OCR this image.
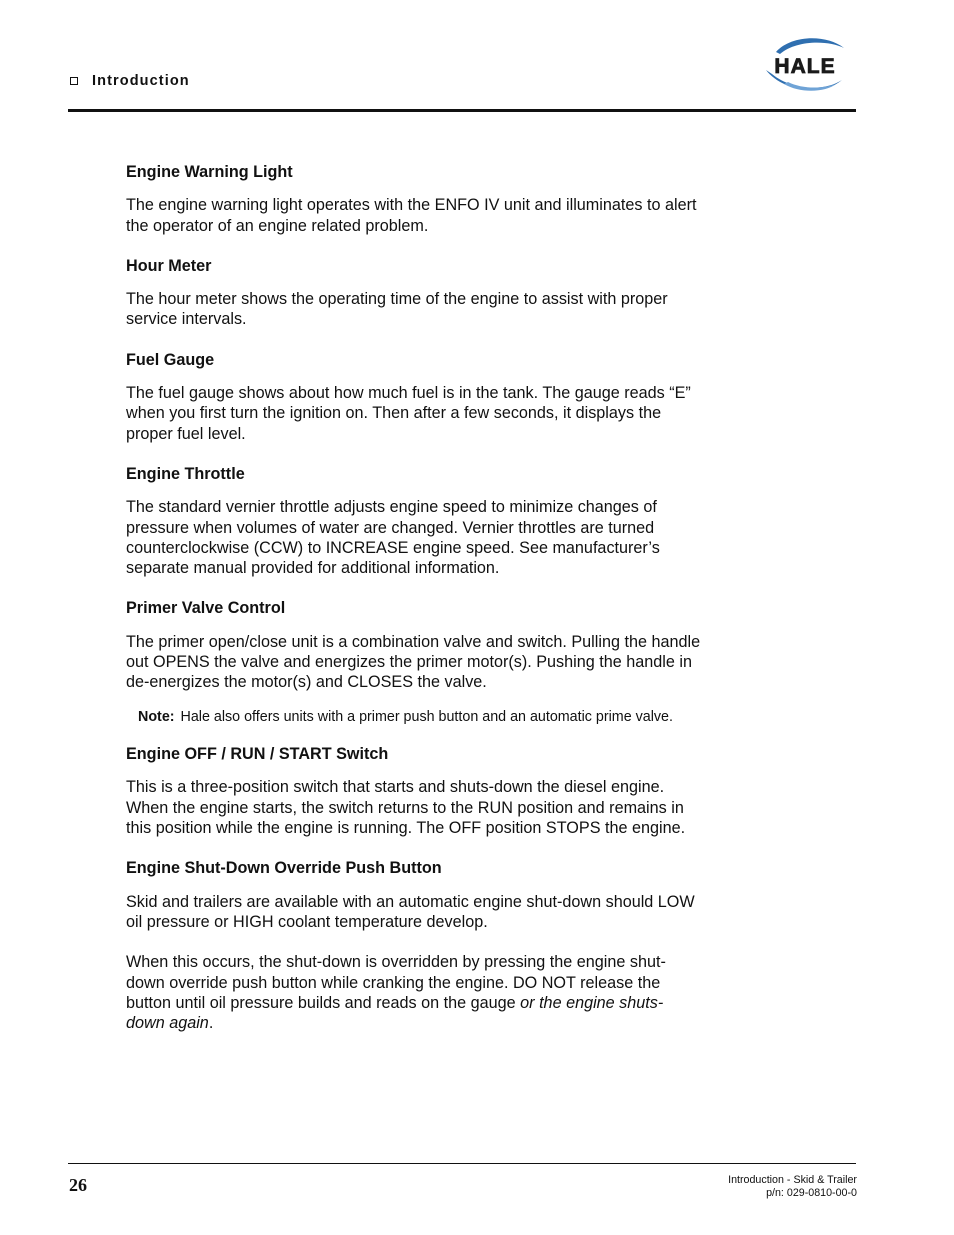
Introduction
HALE
Engine Warning Light

The engine warning light operates with the ENFO IV unit and illuminates to alert the operator of an engine related problem.

Hour Meter

The hour meter shows the operating time of the engine to assist with proper service intervals.

Fuel Gauge

The fuel gauge shows about how much fuel is in the tank. The gauge reads “E” when you first turn the ignition on. Then after a few seconds, it displays the proper fuel level.

Engine Throttle

The standard vernier throttle adjusts engine speed to minimize changes of pressure when volumes of water are changed. Vernier throttles are turned counterclockwise (CCW) to INCREASE engine speed. See manufacturer’s separate manual provided for additional information.

Primer Valve Control

The primer open/close unit is a combination valve and switch. Pulling the handle out OPENS the valve and energizes the primer motor(s). Pushing the handle in de-energizes the motor(s) and CLOSES the valve.

Note: Hale also offers units with a primer push button and an automatic prime valve.
Engine OFF / RUN / START Switch

This is a three-position switch that starts and shuts-down the diesel engine. When the engine starts, the switch returns to the RUN position and remains in this position while the engine is running. The OFF position STOPS the engine.

Engine Shut-Down Override Push Button

Skid and trailers are available with an automatic engine shut-down should LOW oil pressure or HIGH coolant temperature develop.

When this occurs, the shut-down is overridden by pressing the engine shut-down override push button while cranking the engine. DO NOT release the button until oil pressure builds and reads on the gauge or the engine shuts-down again.

26	Introduction - Skid & Trailer
p/n: 029-0810-00-0
